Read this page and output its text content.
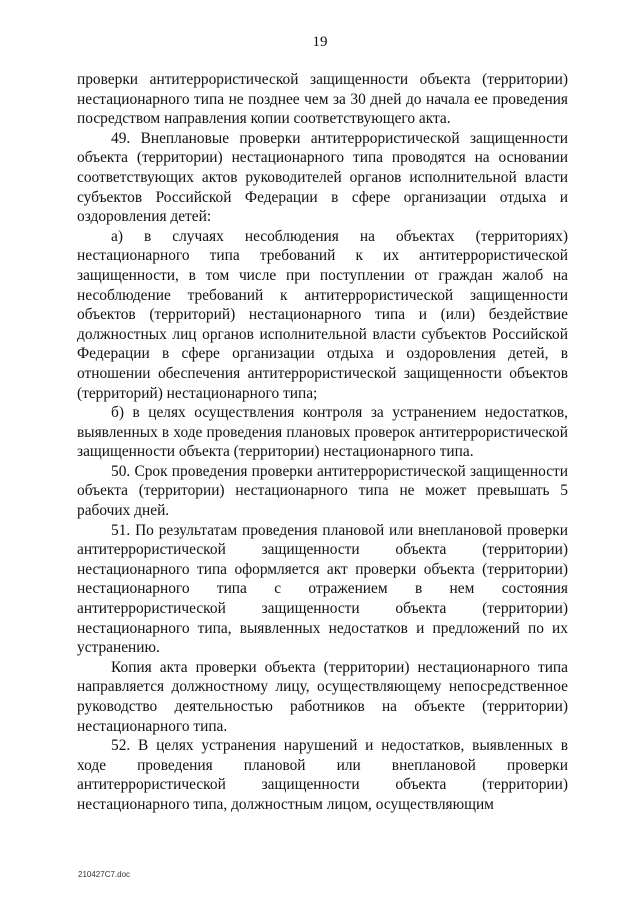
19

проверки антитеррористической защищенности объекта (территории) нестационарного типа не позднее чем за 30 дней до начала ее проведения посредством направления копии соответствующего акта.

49. Внеплановые проверки антитеррористической защищенности объекта (территории) нестационарного типа проводятся на основании соответствующих актов руководителей органов исполнительной власти субъектов Российской Федерации в сфере организации отдыха и оздоровления детей:

а) в случаях несоблюдения на объектах (территориях) нестационарного типа требований к их антитеррористической защищенности, в том числе при поступлении от граждан жалоб на несоблюдение требований к антитеррористической защищенности объектов (территорий) нестационарного типа и (или) бездействие должностных лиц органов исполнительной власти субъектов Российской Федерации в сфере организации отдыха и оздоровления детей, в отношении обеспечения антитеррористической защищенности объектов (территорий) нестационарного типа;

б) в целях осуществления контроля за устранением недостатков, выявленных в ходе проведения плановых проверок антитеррористической защищенности объекта (территории) нестационарного типа.

50. Срок проведения проверки антитеррористической защищенности объекта (территории) нестационарного типа не может превышать 5 рабочих дней.

51. По результатам проведения плановой или внеплановой проверки антитеррористической защищенности объекта (территории) нестационарного типа оформляется акт проверки объекта (территории) нестационарного типа с отражением в нем состояния антитеррористической защищенности объекта (территории) нестационарного типа, выявленных недостатков и предложений по их устранению.

Копия акта проверки объекта (территории) нестационарного типа направляется должностному лицу, осуществляющему непосредственное руководство деятельностью работников на объекте (территории) нестационарного типа.

52. В целях устранения нарушений и недостатков, выявленных в ходе проведения плановой или внеплановой проверки антитеррористической защищенности объекта (территории) нестационарного типа, должностным лицом, осуществляющим

210427C7.doc
